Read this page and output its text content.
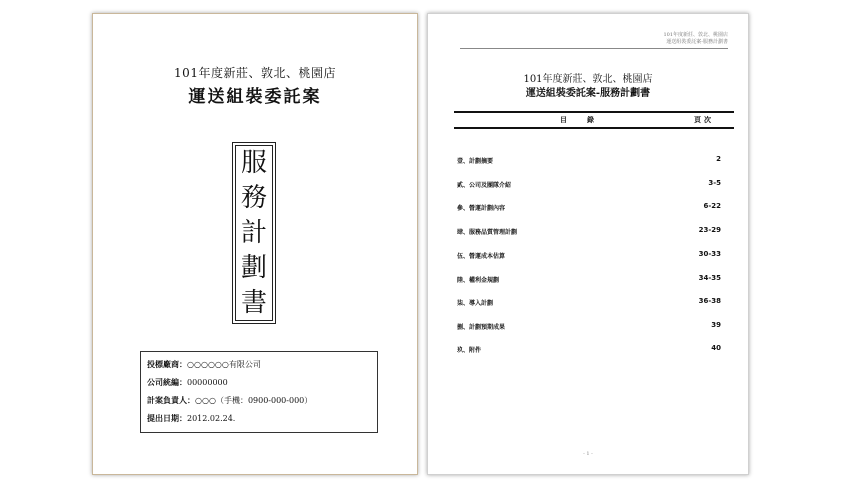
101年度新莊、敦北、桃園店
運送組裝委託案
服
務
計
劃
書
投標廠商：○○○○○○有限公司
公司統編：00000000
計案負責人：○○○（手機：0900-000-000）
提出日期：2012.02.24.
101年度新莊、敦北、桃園店
運送組裝委託案-服務計劃書
101年度新莊、敦北、桃園店
運送組裝委託案-服務計劃書
目錄	頁次
壹、計劃摘要	2
貳、公司及團隊介紹	3-5
參、營運計劃內容	6-22
肆、服務品質管理計劃	23-29
伍、營運成本估算	30-33
陸、權利金規劃	34-35
柒、導入計劃	36-38
捌、計劃預期成果	39
玖、附件	40
- 1 -
